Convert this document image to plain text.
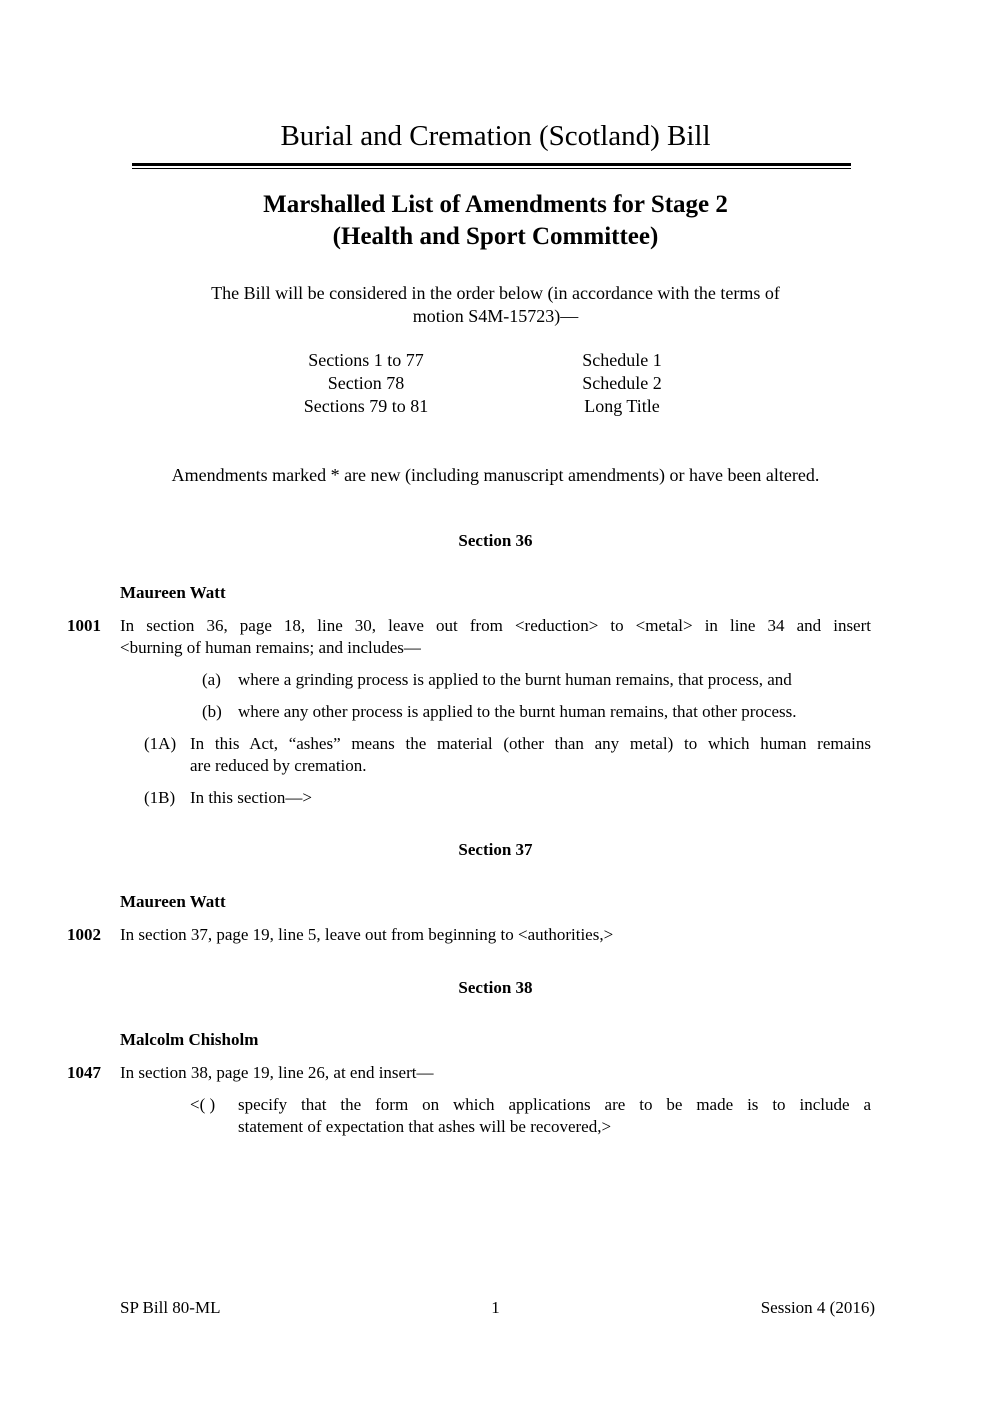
Burial and Cremation (Scotland) Bill
Marshalled List of Amendments for Stage 2
(Health and Sport Committee)
The Bill will be considered in the order below (in accordance with the terms of
motion S4M-15723)—
Sections 1 to 77
Section 78
Sections 79 to 81
Schedule 1
Schedule 2
Long Title
Amendments marked * are new (including manuscript amendments) or have been altered.
Section 36
Maureen Watt
1001 In section 36, page 18, line 30, leave out from <reduction> to <metal> in line 34 and insert
<burning of human remains; and includes—
(a) where a grinding process is applied to the burnt human remains, that process, and
(b) where any other process is applied to the burnt human remains, that other process.
(1A) In this Act, “ashes” means the material (other than any metal) to which human remains
are reduced by cremation.
(1B) In this section—>
Section 37
Maureen Watt
1002 In section 37, page 19, line 5, leave out from beginning to <authorities,>
Section 38
Malcolm Chisholm
1047 In section 38, page 19, line 26, at end insert—
<( ) specify that the form on which applications are to be made is to include a
statement of expectation that ashes will be recovered,>
SP Bill 80-ML	1	Session 4 (2016)
